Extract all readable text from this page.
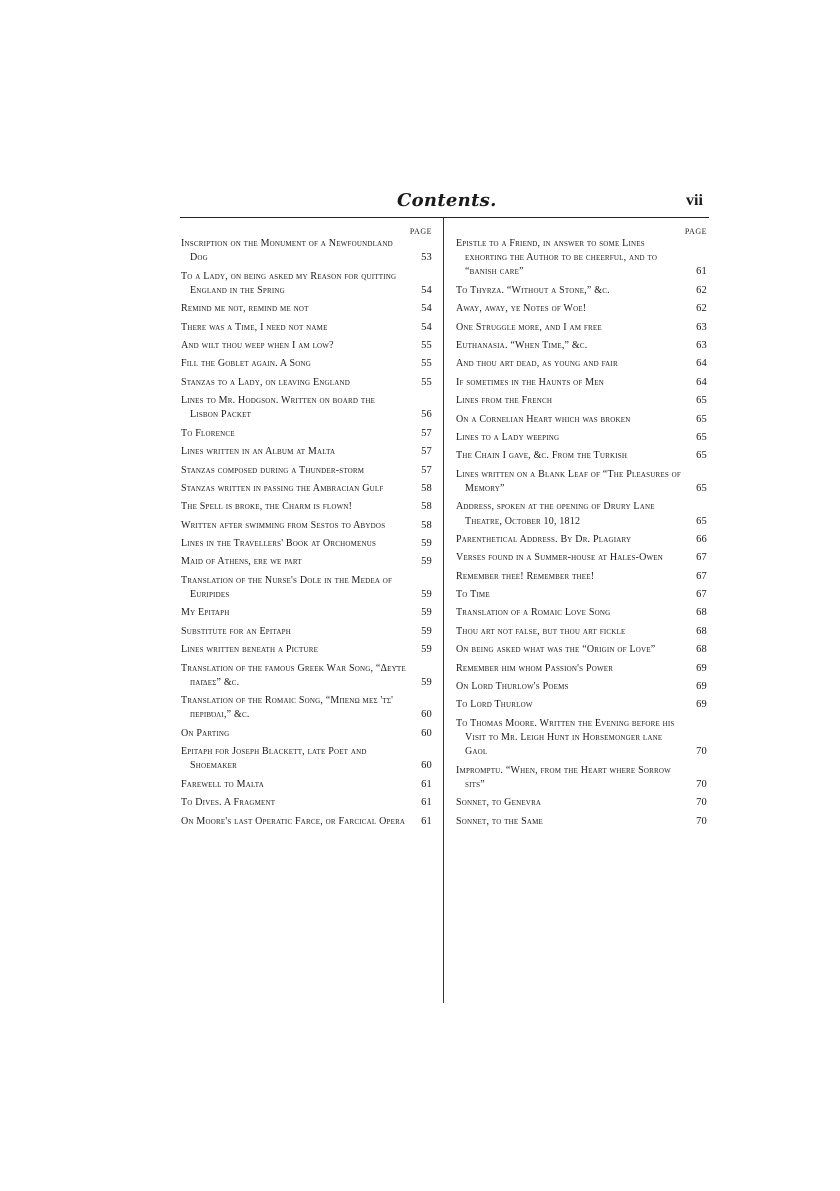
Contents.	vii
PAGE
Inscription on the Monument of a Newfoundland Dog	53
To a Lady, on being asked my Reason for quitting England in the Spring	54
Remind me not, remind me not	54
There was a Time, I need not name	54
And wilt thou weep when I am low?	55
Fill the Goblet again. A Song	55
Stanzas to a Lady, on leaving England	55
Lines to Mr. Hodgson. Written on board the Lisbon Packet	56
To Florence	57
Lines written in an Album at Malta	57
Stanzas composed during a Thunder-storm	57
Stanzas written in passing the Ambracian Gulf	58
The Spell is broke, the Charm is flown!	58
Written after swimming from Sestos to Abydos	58
Lines in the Travellers' Book at Orchomenus	59
Maid of Athens, ere we part	59
Translation of the Nurse's Dole in the Medea of Euripides	59
My Epitaph	59
Substitute for an Epitaph	59
Lines written beneath a Picture	59
Translation of the famous Greek War Song, “Δεῦτε παῖδες” &c.	59
Translation of the Romaic Song, “Μπενω μες 'τσ' περιβόλι,” &c.	60
On Parting	60
Epitaph for Joseph Blackett, late Poet and Shoemaker	60
Farewell to Malta	61
To Dives. A Fragment	61
On Moore's last Operatic Farce, or Farcical Opera	61
PAGE
Epistle to a Friend, in answer to some Lines exhorting the Author to be cheerful, and to “banish care”	61
To Thyrza. “Without a Stone,” &c.	62
Away, away, ye Notes of Woe!	62
One Struggle more, and I am free	63
Euthanasia. “When Time,” &c.	63
And thou art dead, as young and fair	64
If sometimes in the Haunts of Men	64
Lines from the French	65
On a Cornelian Heart which was broken	65
Lines to a Lady weeping	65
The Chain I gave, &c. From the Turkish	65
Lines written on a Blank Leaf of “The Pleasures of Memory”	65
Address, spoken at the opening of Drury Lane Theatre, October 10, 1812	65
Parenthetical Address. By Dr. Plagiary	66
Verses found in a Summer-house at Hales-Owen	67
Remember thee! Remember thee!	67
To Time	67
Translation of a Romaic Love Song	68
Thou art not false, but thou art fickle	68
On being asked what was the “Origin of Love”	68
Remember him whom Passion's Power	69
On Lord Thurlow's Poems	69
To Lord Thurlow	69
To Thomas Moore. Written the Evening before his Visit to Mr. Leigh Hunt in Horsemonger lane Gaol	70
Impromptu. “When, from the Heart where Sorrow sits”	70
Sonnet, to Genevra	70
Sonnet, to the Same	70
